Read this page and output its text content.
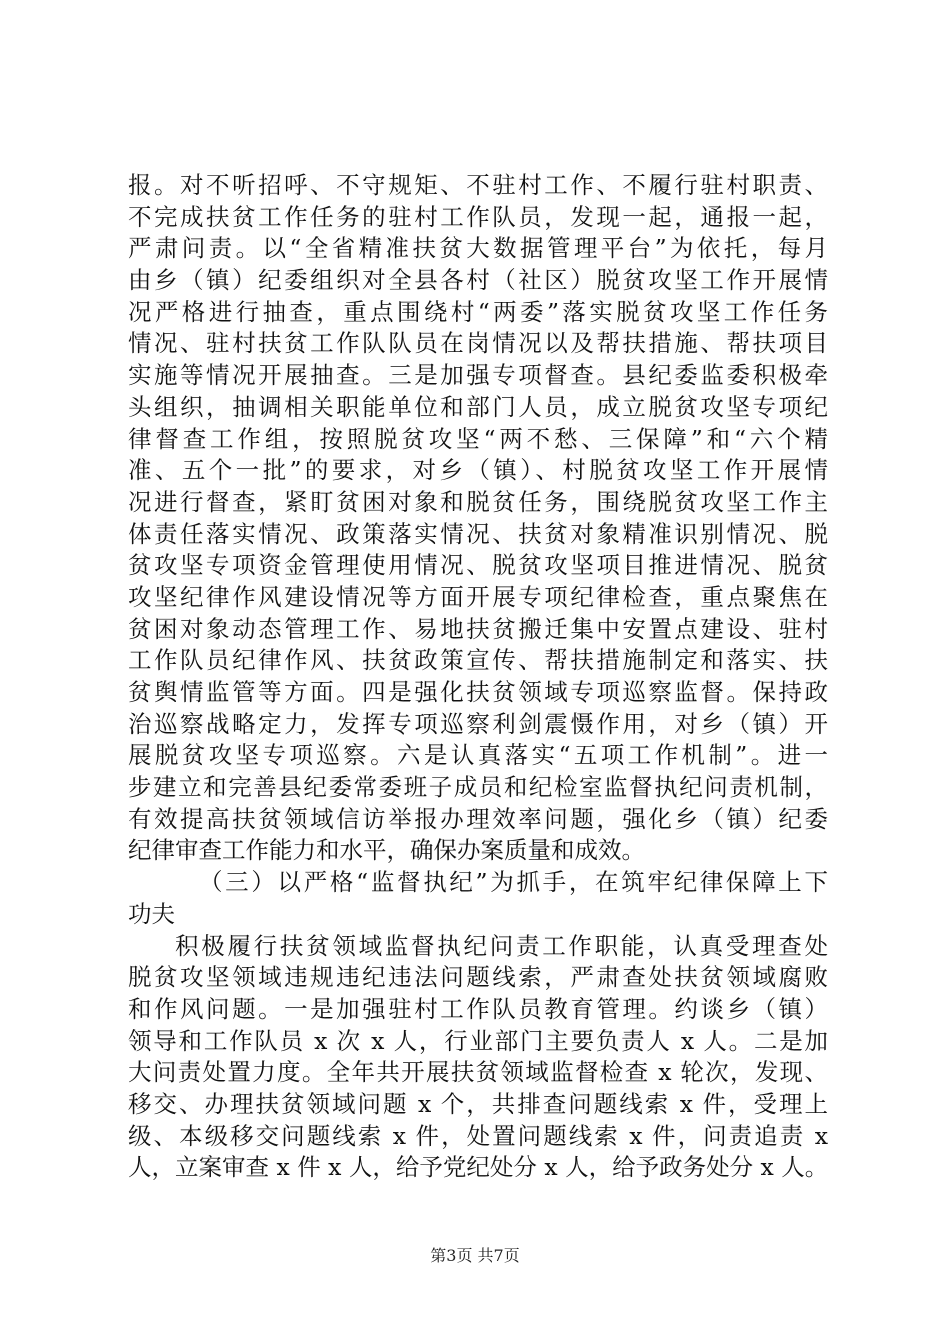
报。对不听招呼、不守规矩、不驻村工作、不履行驻村职责、
不完成扶贫工作任务的驻村工作队员，发现一起，通报一起，
严肃问责。以“全省精准扶贫大数据管理平台”为依托，每月
由乡（镇）纪委组织对全县各村（社区）脱贫攻坚工作开展情
况严格进行抽查，重点围绕村“两委”落实脱贫攻坚工作任务
情况、驻村扶贫工作队队员在岗情况以及帮扶措施、帮扶项目
实施等情况开展抽查。三是加强专项督查。县纪委监委积极牵
头组织，抽调相关职能单位和部门人员，成立脱贫攻坚专项纪
律督查工作组，按照脱贫攻坚“两不愁、三保障”和“六个精
准、五个一批”的要求，对乡（镇）、村脱贫攻坚工作开展情
况进行督查，紧盯贫困对象和脱贫任务，围绕脱贫攻坚工作主
体责任落实情况、政策落实情况、扶贫对象精准识别情况、脱
贫攻坚专项资金管理使用情况、脱贫攻坚项目推进情况、脱贫
攻坚纪律作风建设情况等方面开展专项纪律检查，重点聚焦在
贫困对象动态管理工作、易地扶贫搬迁集中安置点建设、驻村
工作队员纪律作风、扶贫政策宣传、帮扶措施制定和落实、扶
贫舆情监管等方面。四是强化扶贫领域专项巡察监督。保持政
治巡察战略定力，发挥专项巡察利剑震慑作用，对乡（镇）开
展脱贫攻坚专项巡察。六是认真落实“五项工作机制”。进一
步建立和完善县纪委常委班子成员和纪检室监督执纪问责机制，
有效提高扶贫领域信访举报办理效率问题，强化乡（镇）纪委
纪律审查工作能力和水平，确保办案质量和成效。
（三）以严格“监督执纪”为抓手，在筑牢纪律保障上下
功夫
积极履行扶贫领域监督执纪问责工作职能，认真受理查处
脱贫攻坚领域违规违纪违法问题线索，严肃查处扶贫领域腐败
和作风问题。一是加强驻村工作队员教育管理。约谈乡（镇）
领导和工作队员 x 次 x 人，行业部门主要负责人 x 人。二是加
大问责处置力度。全年共开展扶贫领域监督检查 x 轮次，发现、
移交、办理扶贫领域问题 x 个，共排查问题线索 x 件，受理上
级、本级移交问题线索 x 件，处置问题线索 x 件，问责追责 x
人，立案审查 x 件 x 人，给予党纪处分 x 人，给予政务处分 x 人。
第3页 共7页
